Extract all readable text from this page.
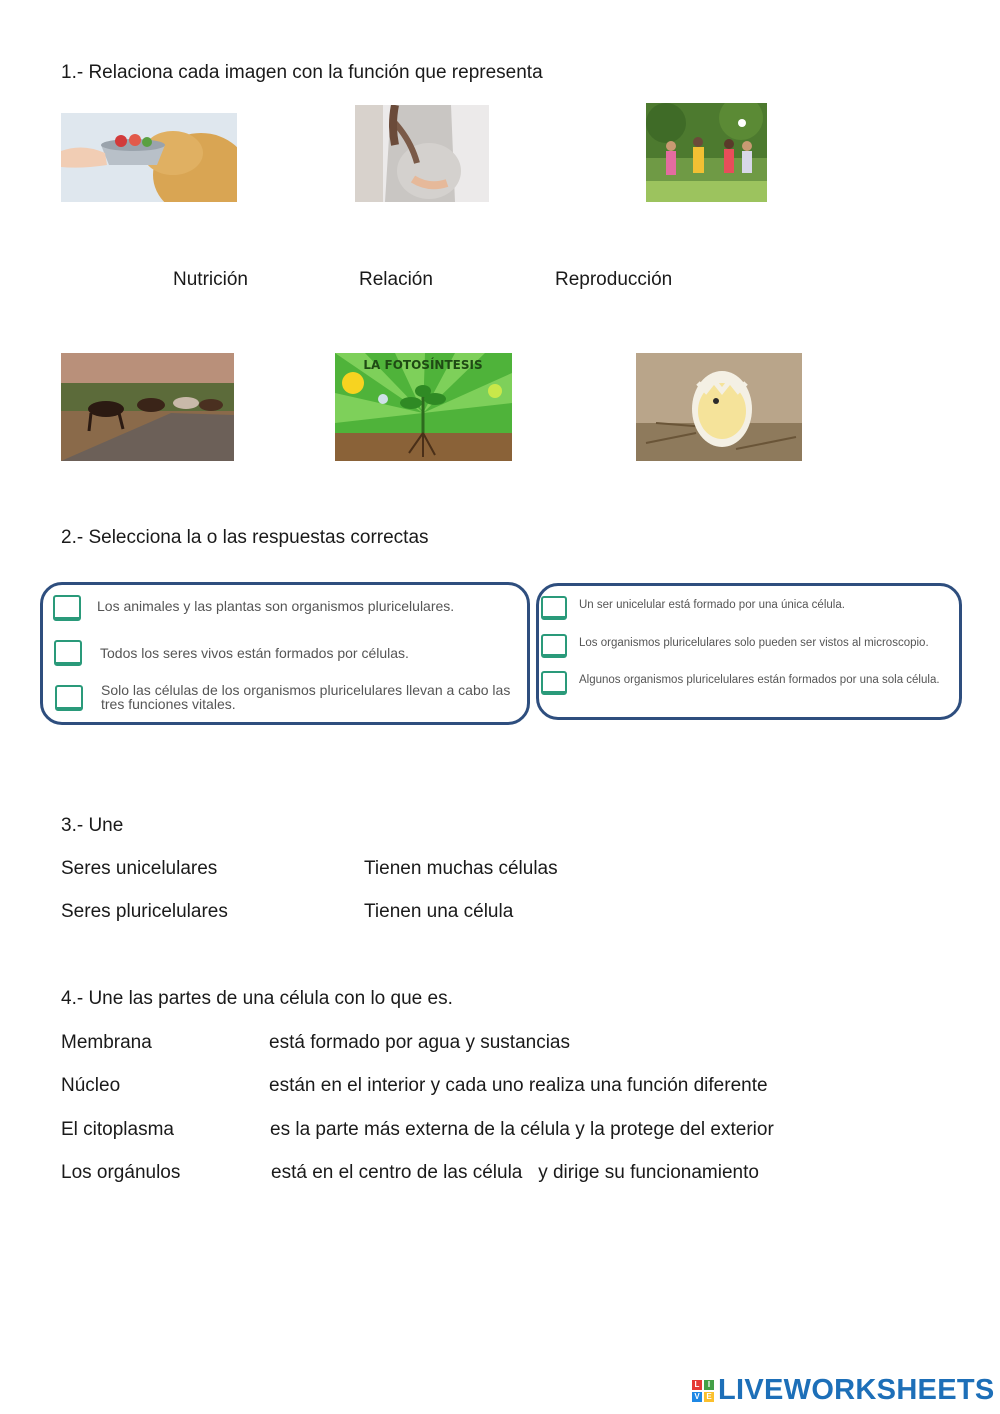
1.- Relaciona cada imagen con la función que representa
Nutrición	Relación	Reproducción
LA FOTOSÍNTESIS
2.- Selecciona la o las respuestas correctas
Los animales y las plantas son organismos pluricelulares.
Todos los seres vivos están formados por células.
Solo las células de los organismos pluricelulares llevan a cabo las
tres funciones vitales.
Un ser unicelular está formado por una única célula.
Los organismos pluricelulares solo pueden ser vistos al microscopio.
Algunos organismos pluricelulares están formados por una sola célula.
3.- Une
Seres unicelulares	Tienen muchas células
Seres pluricelulares	Tienen una célula
4.- Une las partes de una célula con lo que es.
Membrana	está formado por agua y sustancias
Núcleo	están en el interior y cada uno realiza una función diferente
El citoplasma	es la parte más externa de la célula y la protege del exterior
Los orgánulos	está en el centro de las célula   y dirige su funcionamiento
L	I
V E LIVEWORKSHEETS
